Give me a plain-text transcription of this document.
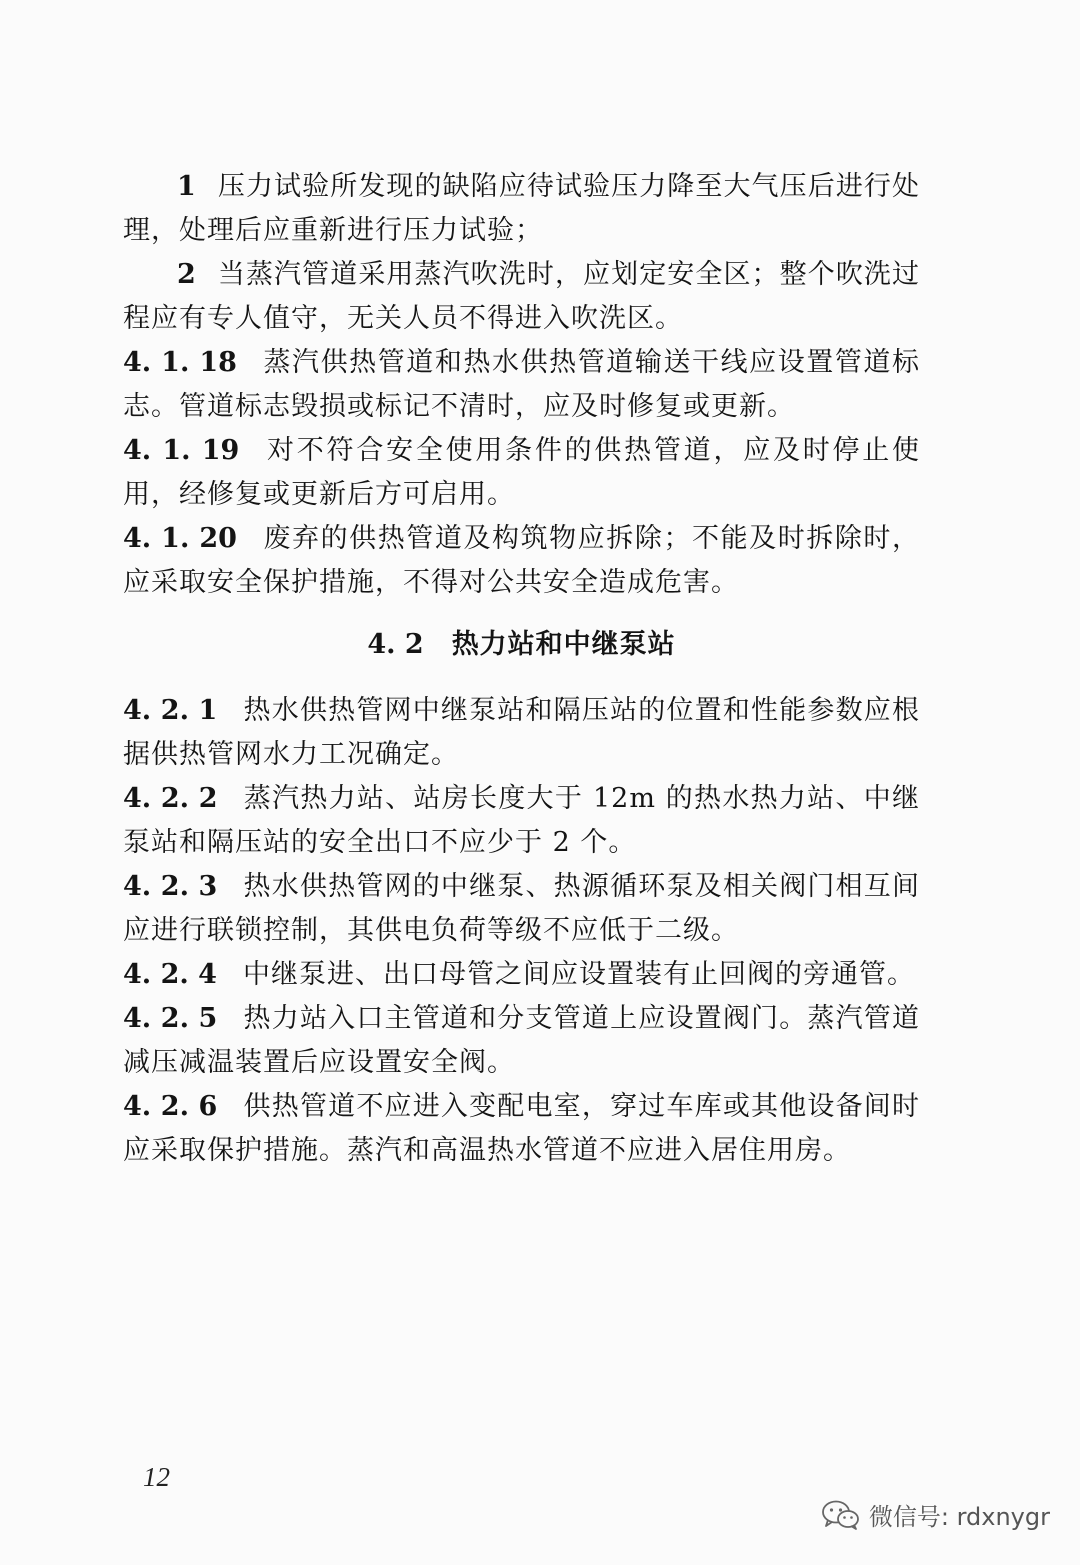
1 压力试验所发现的缺陷应待试验压力降至大气压后进行处理，处理后应重新进行压力试验；

2 当蒸汽管道采用蒸汽吹洗时，应划定安全区；整个吹洗过程应有专人值守，无关人员不得进入吹洗区。

4. 1. 18 蒸汽供热管道和热水供热管道输送干线应设置管道标志。管道标志毁损或标记不清时，应及时修复或更新。

4. 1. 19 对不符合安全使用条件的供热管道，应及时停止使用，经修复或更新后方可启用。

4. 1. 20 废弃的供热管道及构筑物应拆除；不能及时拆除时，应采取安全保护措施，不得对公共安全造成危害。

4. 2 热力站和中继泵站

4. 2. 1 热水供热管网中继泵站和隔压站的位置和性能参数应根据供热管网水力工况确定。

4. 2. 2 蒸汽热力站、站房长度大于 12m 的热水热力站、中继泵站和隔压站的安全出口不应少于 2 个。

4. 2. 3 热水供热管网的中继泵、热源循环泵及相关阀门相互间应进行联锁控制，其供电负荷等级不应低于二级。

4. 2. 4 中继泵进、出口母管之间应设置装有止回阀的旁通管。

4. 2. 5 热力站入口主管道和分支管道上应设置阀门。蒸汽管道减压减温装置后应设置安全阀。

4. 2. 6 供热管道不应进入变配电室，穿过车库或其他设备间时应采取保护措施。蒸汽和高温热水管道不应进入居住用房。

12
微信号: rdxnygr
